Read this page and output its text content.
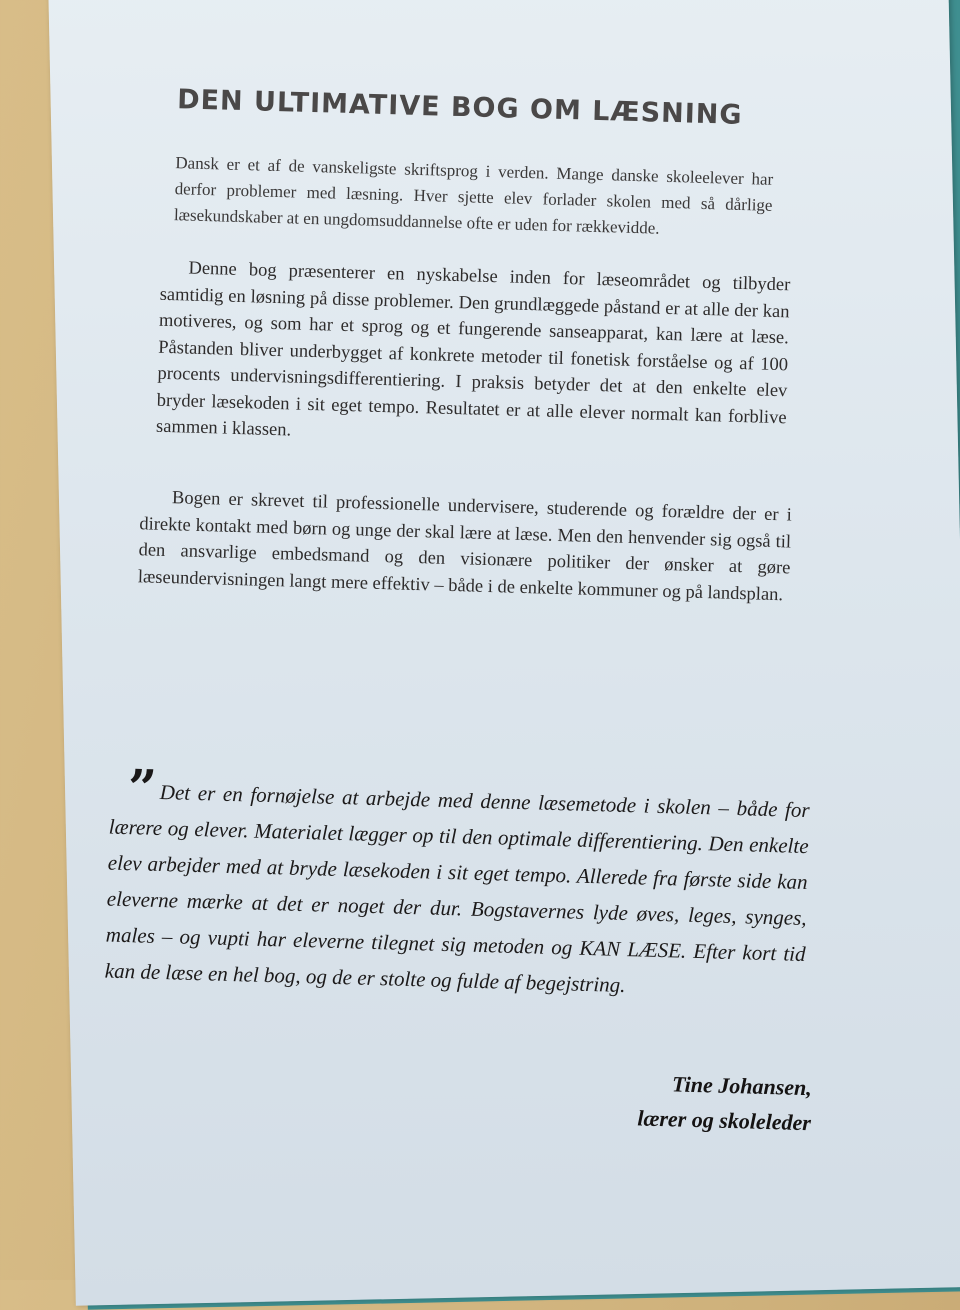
DEN ULTIMATIVE BOG OM LÆSNING

Dansk er et af de vanskeligste skriftsprog i verden. Mange danske skoleelever har derfor problemer med læsning. Hver sjette elev forlader skolen med så dårlige læsekundskaber at en ungdomsuddannelse ofte er uden for rækkevidde.

Denne bog præsenterer en nyskabelse inden for læseområdet og tilbyder samtidig en løsning på disse problemer. Den grundlæggede påstand er at alle der kan motiveres, og som har et sprog og et fungerende sanseapparat, kan lære at læse. Påstanden bliver underbygget af konkrete metoder til fonetisk forståelse og af 100 procents undervisningsdifferentiering. I praksis betyder det at den enkelte elev bryder læsekoden i sit eget tempo. Resultatet er at alle elever normalt kan forblive sammen i klassen.

Bogen er skrevet til professionelle undervisere, studerende og forældre der er i direkte kontakt med børn og unge der skal lære at læse. Men den henvender sig også til den ansvarlige embedsmand og den visionære politiker der ønsker at gøre læseundervisningen langt mere effektiv – både i de enkelte kommuner og på landsplan.

” Det er en fornøjelse at arbejde med denne læsemetode i skolen – både for lærere og elever. Materialet lægger op til den optimale differentiering. Den enkelte elev arbejder med at bryde læsekoden i sit eget tempo. Allerede fra første side kan eleverne mærke at det er noget der dur. Bogstavernes lyde øves, leges, synges, males – og vupti har eleverne tilegnet sig metoden og KAN LÆSE. Efter kort tid kan de læse en hel bog, og de er stolte og fulde af begejstring.

Tine Johansen,
lærer og skoleleder
